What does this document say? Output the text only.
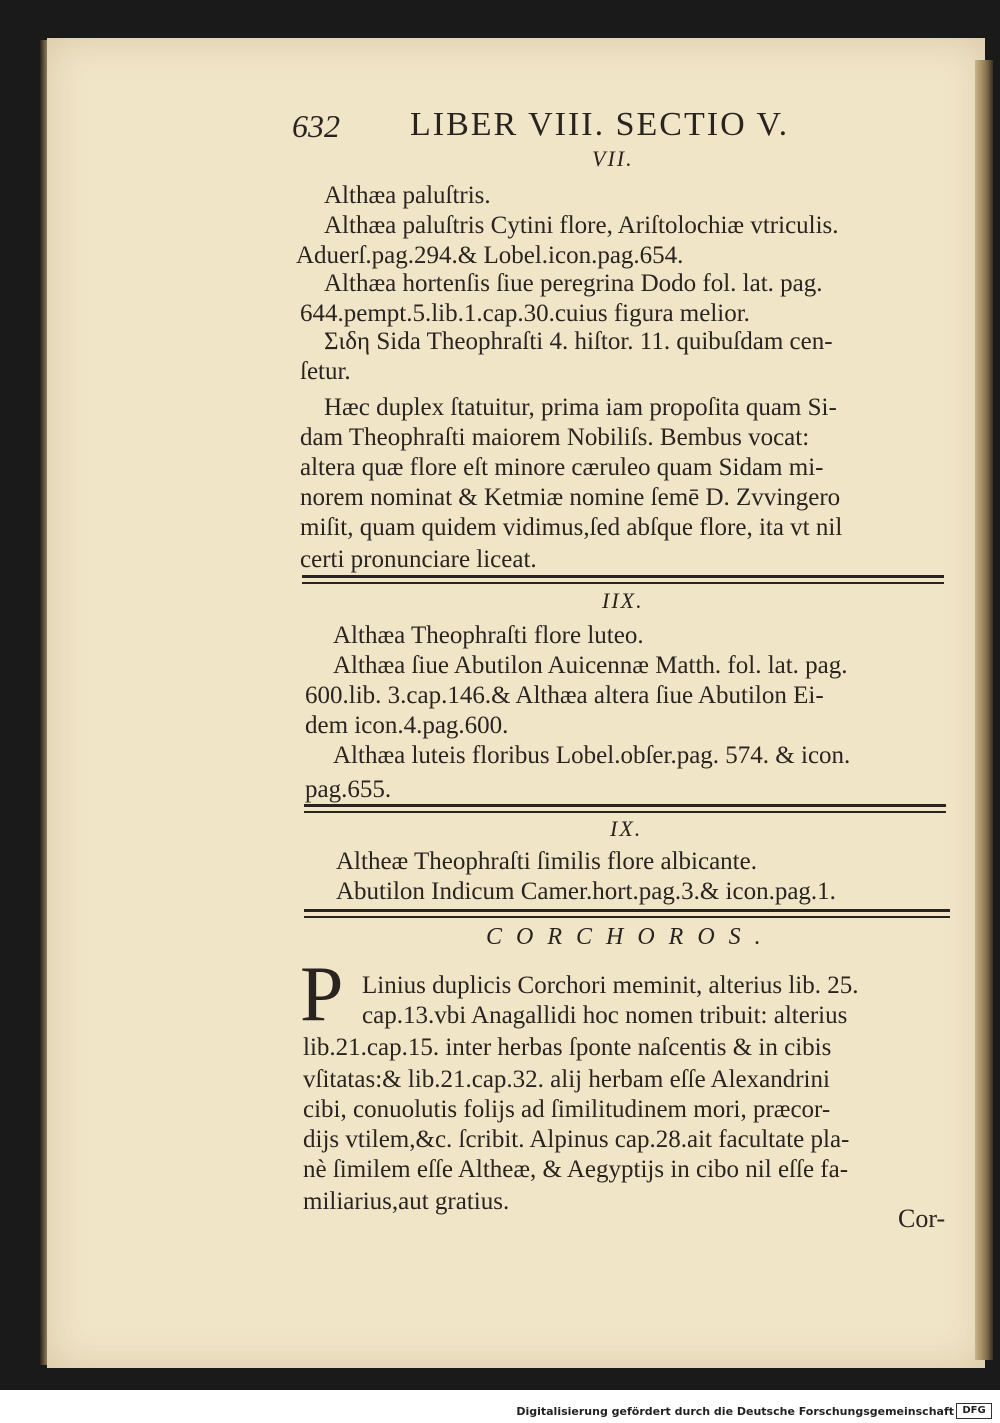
632 LIBER VIII. SECTIO V.
VII.
Althæa paluſtris.
Althæa paluſtris Cytini flore, Ariſtolochiæ vtriculis.
Aduerſ.pag.294.& Lobel.icon.pag.654.
Althæa hortenſis ſiue peregrina Dodo fol. lat. pag.
644.pempt.5.lib.1.cap.30.cuius figura melior.
Σιδη Sida Theophraſti 4. hiſtor. 11. quibuſdam cen-
ſetur.
Hæc duplex ſtatuitur, prima iam propoſita quam Si-
dam Theophraſti maiorem Nobiliſs. Bembus vocat:
altera quæ flore eſt minore cæruleo quam Sidam mi-
norem nominat & Ketmiæ nomine ſemē D. Zvvingero
miſit, quam quidem vidimus,ſed abſque flore, ita vt nil
certi pronunciare liceat.
IIX.
Althæa Theophraſti flore luteo.
Althæa ſiue Abutilon Auicennæ Matth. fol. lat. pag.
600.lib. 3.cap.146.& Althæa altera ſiue Abutilon Ei-
dem icon.4.pag.600.
Althæa luteis floribus Lobel.obſer.pag. 574. & icon.
pag.655.
IX.
Altheæ Theophraſti ſimilis flore albicante.
Abutilon Indicum Camer.hort.pag.3.& icon.pag.1.
CORCHOROS.
P Linius duplicis Corchori meminit, alterius lib. 25.
cap.13.vbi Anagallidi hoc nomen tribuit: alterius
lib.21.cap.15. inter herbas ſponte naſcentis & in cibis
vſitatas:& lib.21.cap.32. alij herbam eſſe Alexandrini
cibi, conuolutis folijs ad ſimilitudinem mori, præcor-
dijs vtilem,&c. ſcribit. Alpinus cap.28.ait facultate pla-
nè ſimilem eſſe Altheæ, & Aegyptijs in cibo nil eſſe fa-
miliarius,aut gratius.
Cor-
Digitalisierung gefördert durch die Deutsche Forschungsgemeinschaft DFG
